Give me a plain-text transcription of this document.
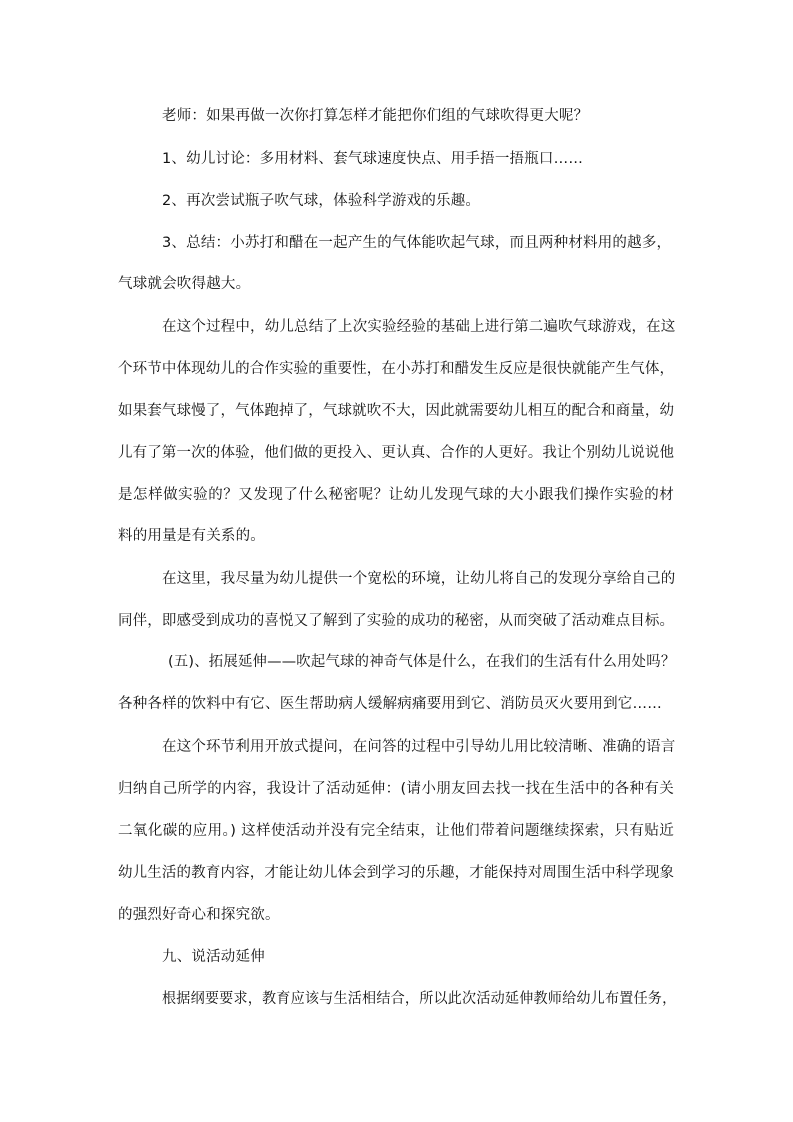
老师：如果再做一次你打算怎样才能把你们组的气球吹得更大呢？
1、幼儿讨论：多用材料、套气球速度快点、用手捂一捂瓶口……
2、再次尝试瓶子吹气球，体验科学游戏的乐趣。
3、总结：小苏打和醋在一起产生的气体能吹起气球，而且两种材料用的越多，
气球就会吹得越大。
在这个过程中，幼儿总结了上次实验经验的基础上进行第二遍吹气球游戏，在这
个环节中体现幼儿的合作实验的重要性，在小苏打和醋发生反应是很快就能产生气体，
如果套气球慢了，气体跑掉了，气球就吹不大，因此就需要幼儿相互的配合和商量，幼
儿有了第一次的体验，他们做的更投入、更认真、合作的人更好。我让个别幼儿说说他
是怎样做实验的？又发现了什么秘密呢？让幼儿发现气球的大小跟我们操作实验的材
料的用量是有关系的。
在这里，我尽量为幼儿提供一个宽松的环境，让幼儿将自己的发现分享给自己的
同伴，即感受到成功的喜悦又了解到了实验的成功的秘密，从而突破了活动难点目标。
(五)、拓展延伸——吹起气球的神奇气体是什么，在我们的生活有什么用处吗？
各种各样的饮料中有它、医生帮助病人缓解病痛要用到它、消防员灭火要用到它……
在这个环节利用开放式提问，在问答的过程中引导幼儿用比较清晰、准确的语言
归纳自己所学的内容，我设计了活动延伸：(请小朋友回去找一找在生活中的各种有关
二氧化碳的应用。) 这样使活动并没有完全结束，让他们带着问题继续探索，只有贴近
幼儿生活的教育内容，才能让幼儿体会到学习的乐趣，才能保持对周围生活中科学现象
的强烈好奇心和探究欲。
九、说活动延伸
根据纲要要求，教育应该与生活相结合，所以此次活动延伸教师给幼儿布置任务，
